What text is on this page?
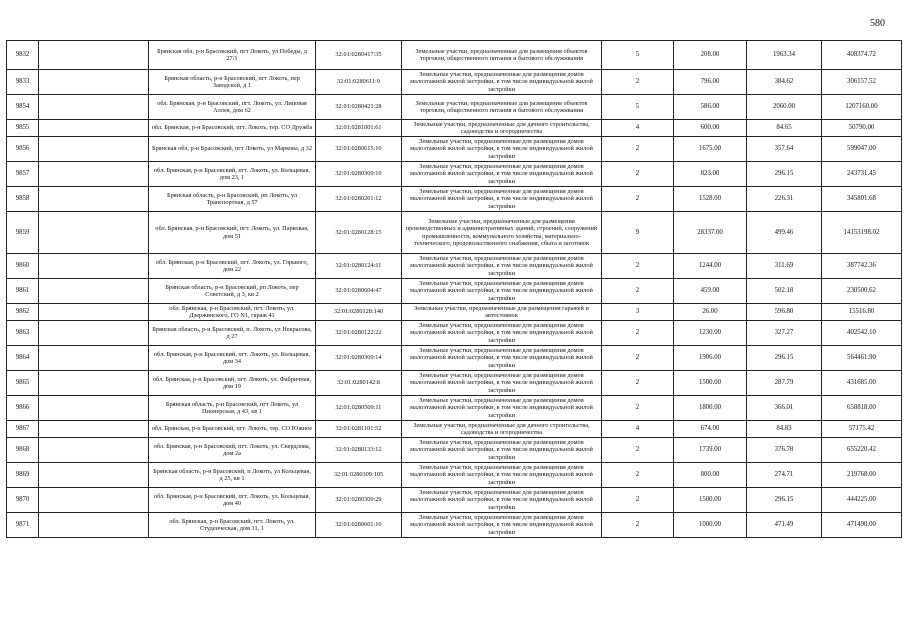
580
9832		Брянская обл, р-н Брасовский, пгт Локоть, ул Победы, д 27/1	32:01:0280417:35	Земельные участки, предназначенные для размещения объектов торговли, общественного питания и бытового обслуживания	5	208.00	1963.34	408374.72
9833		Брянская область, р-н Брасовский, пгт Локоть, пер Заводской, д 1	32:01:0280611:9	Земельные участки, предназначенные для размещения домов малоэтажной жилой застройки, в том числе индивидуальной жилой застройки	2	796.00	384.62	306157.52
9854		обл. Брянская, р-н Брасовский, пгт. Локоть, ул. Липовая Аллея, дом 62	32:01:0280421:28	Земельные участки, предназначенные для размещения объектов торговли, общественного питания и бытового обслуживания	5	586.00	2060.00	1207160.00
9855		обл. Брянская, р-н Брасовский, пгт. Локоть, тер. СО Дружба	32:01:0281001:61	Земельные участки, предназначенные для дачного строительства, садоводства и огородничества	4	600.00	84.65	50790.00
9856		Брянская обл, р-н Брасовский, пгт Локоть, ул Маркова, д 32	32:01:0280615:10	Земельные участки, предназначенные для размещения домов малоэтажной жилой застройки, в том числе индивидуальной жилой застройки	2	1675.00	357.64	599047.00
9857		обл. Брянская, р-н Брасовский, пгт. Локоть, ул. Кольцевая, дом 23, 1	32:01:0280309:10	Земельные участки, предназначенные для размещения домов малоэтажной жилой застройки, в том числе индивидуальной жилой застройки	2	823.00	296.15	243731.45
9858		Брянская область, р-н Брасовский, рп Локоть, ул Транспортная, д 57	32:01:0280201:12	Земельные участки, предназначенные для размещения домов малоэтажной жилой застройки, в том числе индивидуальной жилой застройки	2	1528.00	226.31	345801.68
9859		обл. Брянская, р-н Брасовский, пгт. Локоть, ул. Парковая, дом 51	32:01:0280128:15	Земельные участки, предназначенные для размещения производственных и административных зданий, строений, сооружений промышленности, коммунального хозяйства, материально-технического, продовольственного снабжения, сбыта и заготовок	9	28337.00	499.46	14153198.02
9860		обл. Брянская, р-н Брасовский, пгт. Локоть, ул. Горького, дом 22	32:01:0280124:11	Земельные участки, предназначенные для размещения домов малоэтажной жилой застройки, в том числе индивидуальной жилой застройки	2	1244.00	311.69	387742.36
9861		Брянская область, р-н Брасовский, рп Локоть, пер Советский, д 3, кв 2	32:01:0280604:47	Земельные участки, предназначенные для размещения домов малоэтажной жилой застройки, в том числе индивидуальной жилой застройки	2	459.00	502.18	230500.62
9862		обл. Брянская, р-н Брасовский, пгт. Локоть, ул. Дзержинского, ГО N1, гараж 41	32:01:0280128:140	Земельные участки, предназначенные для размещения гаражей и автостоянок	3	26.00	596.80	15516.80
9863		Брянская область, р-н Брасовский, п. Локоть, ул Некрасова, д 27	32:01:0280122:22	Земельные участки, предназначенные для размещения домов малоэтажной жилой застройки, в том числе индивидуальной жилой застройки	2	1230.00	327.27	402542.10
9864		обл. Брянская, р-н Брасовский, пгт. Локоть, ул. Кольцевая, дом 34	32:01:0280309:14	Земельные участки, предназначенные для размещения домов малоэтажной жилой застройки, в том числе индивидуальной жилой застройки	2	1906.00	296.15	564461.90
9865		обл. Брянская, р-н Брасовский, пгт. Локоть, ул. Фабричная, дом 19	32:01:0280142:8	Земельные участки, предназначенные для размещения домов малоэтажной жилой застройки, в том числе индивидуальной жилой застройки	2	1500.00	287.79	431685.00
9866		Брянская область, р-н Брасовский, пгт Локоть, ул Пионерская, д 43, кв 1	32:01:0280509:11	Земельные участки, предназначенные для размещения домов малоэтажной жилой застройки, в том числе индивидуальной жилой застройки	2	1800.00	366.01	658818.00
9867		обл. Брянская, р-н Брасовский, пгт. Локоть, тер. СО Южное	32:01:0281101:52	Земельные участки, предназначенные для дачного строительства, садоводства и огородничества	4	674.00	84.83	57175.42
9868		обл. Брянская, р-н Брасовский, пгт. Локоть, ул. Свердлова, дом 2а	32:01:0280133:12	Земельные участки, предназначенные для размещения домов малоэтажной жилой застройки, в том числе индивидуальной жилой застройки	2	1739.00	376.78	655220.42
9869		Брянская область, р-н Брасовский, п Локоть, ул Кольцевая, д 25, кв 1	32:01:0280309:105	Земельные участки, предназначенные для размещения домов малоэтажной жилой застройки, в том числе индивидуальной жилой застройки	2	800.00	274.71	219768.00
9870		обл. Брянская, р-н Брасовский, пгт. Локоть, ул. Кольцевая, дом 40	32:01:0280309:29	Земельные участки, предназначенные для размещения домов малоэтажной жилой застройки, в том числе индивидуальной жилой застройки	2	1500.00	296.15	444225.00
9871		обл. Брянская, р-н Брасовский, пгт. Локоть, ул. Студенческая, дом 11, 1	32:01:0280601:10	Земельные участки, предназначенные для размещения домов малоэтажной жилой застройки, в том числе индивидуальной жилой застройки	2	1000.00	471.49	471490.00
